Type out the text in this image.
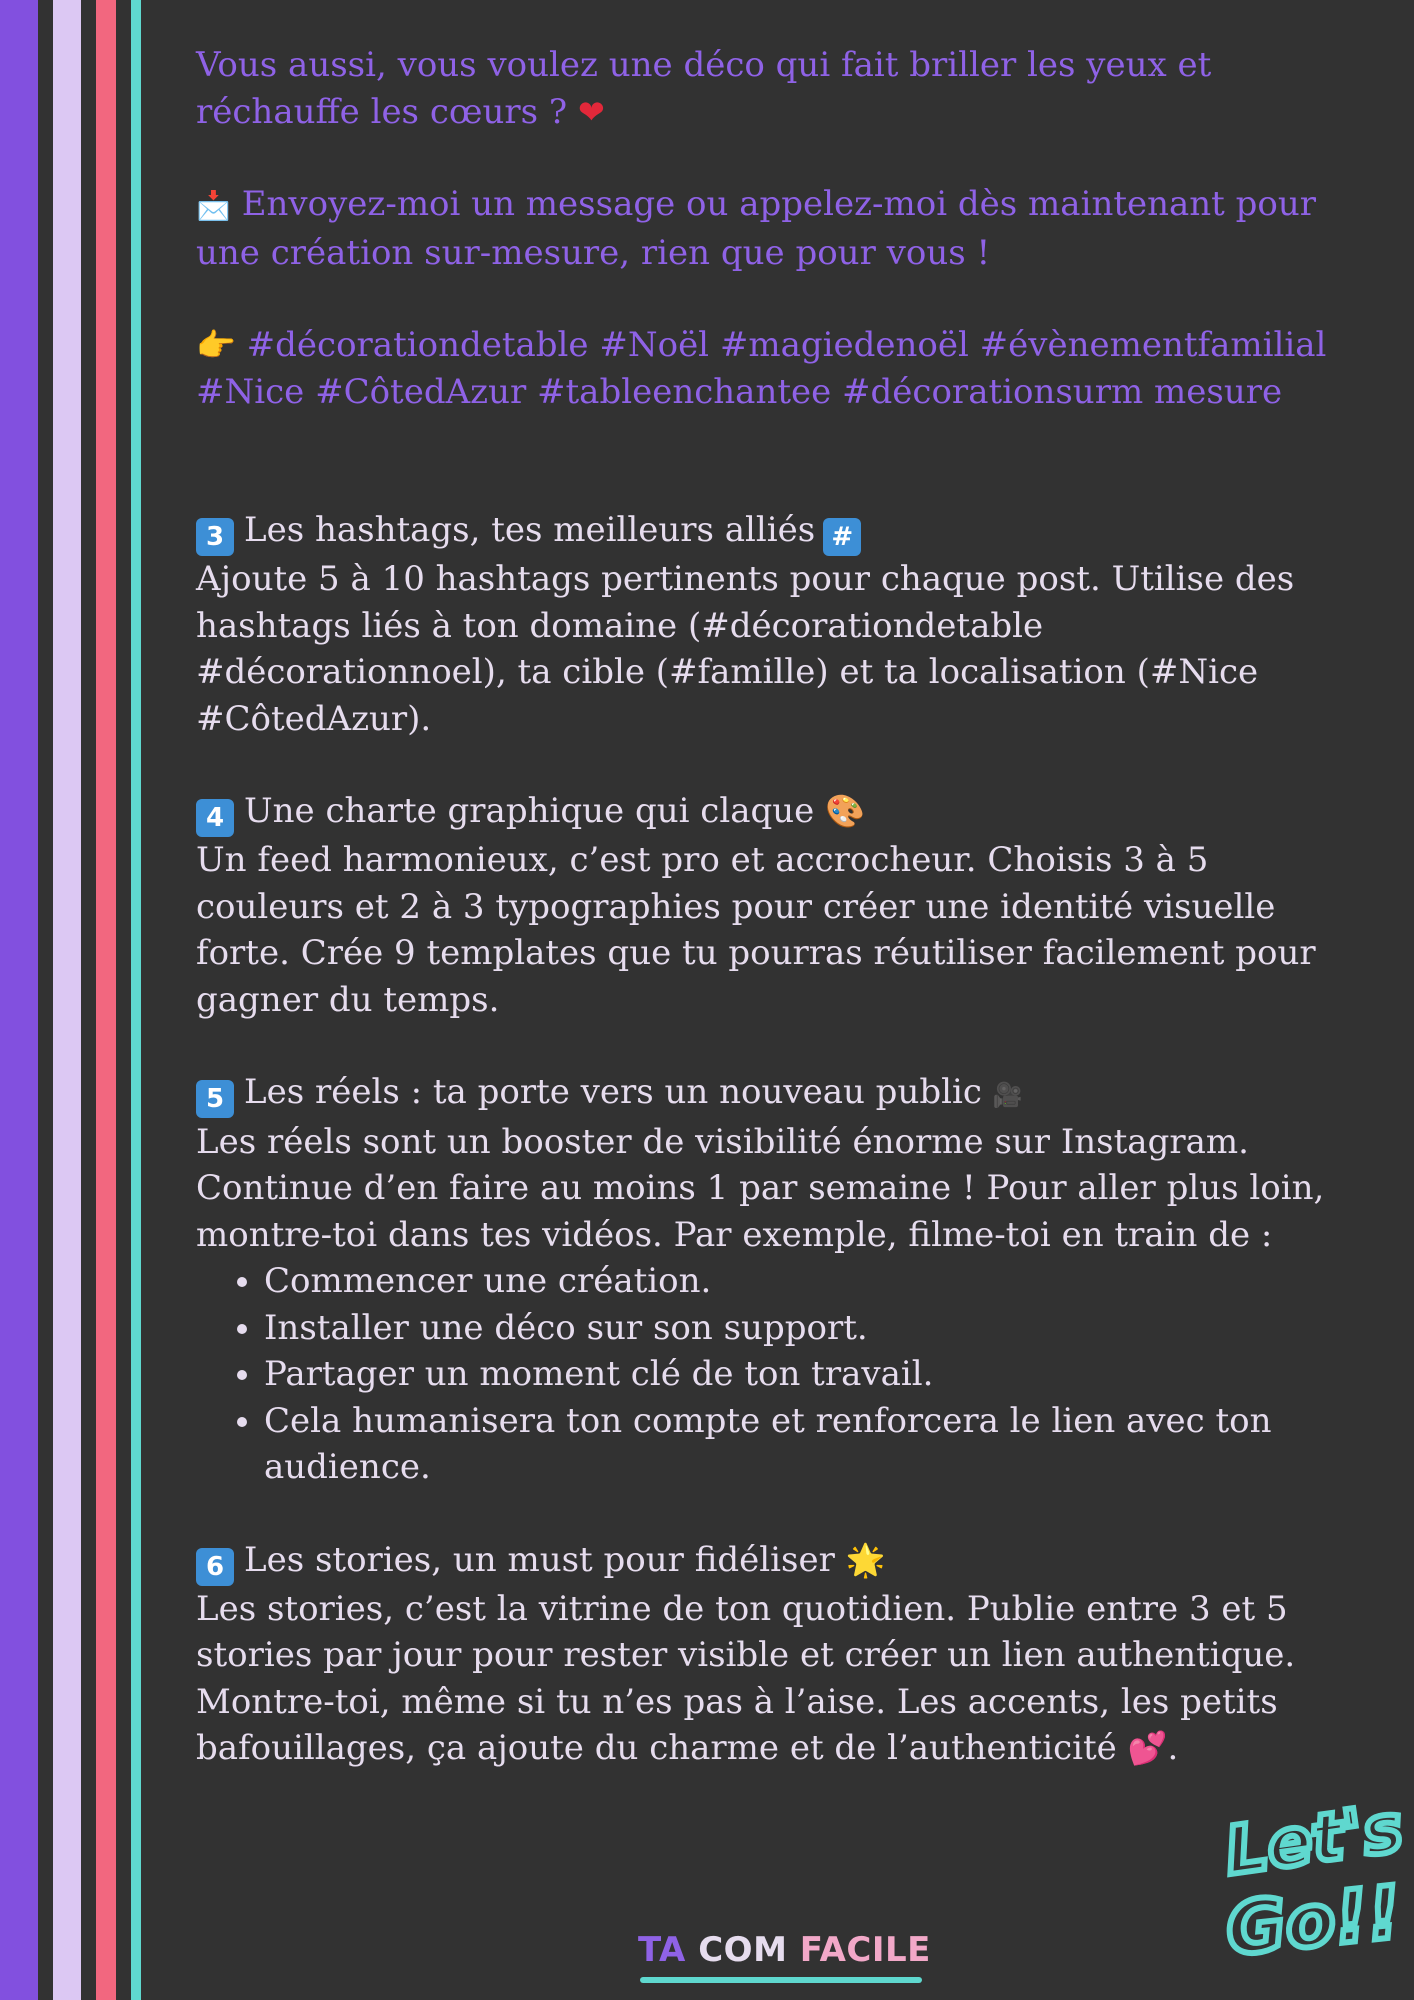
Vous aussi, vous voulez une déco qui fait briller les yeux et réchauffe les cœurs ? ❤

📩 Envoyez-moi un message ou appelez-moi dès maintenant pour une création sur-mesure, rien que pour vous !

👉 #décorationdetable #Noël #magiedenoël #évènementfamilial #Nice #CôtedAzur #tableenchantee #décorationsurm mesure

3 Les hashtags, tes meilleurs alliés #

Ajoute 5 à 10 hashtags pertinents pour chaque post. Utilise des hashtags liés à ton domaine (#décorationdetable #décorationnoel), ta cible (#famille) et ta localisation (#Nice #CôtedAzur).

4 Une charte graphique qui claque 🎨

Un feed harmonieux, c’est pro et accrocheur. Choisis 3 à 5 couleurs et 2 à 3 typographies pour créer une identité visuelle forte. Crée 9 templates que tu pourras réutiliser facilement pour gagner du temps.

5 Les réels : ta porte vers un nouveau public 🎥

Les réels sont un booster de visibilité énorme sur Instagram. Continue d’en faire au moins 1 par semaine ! Pour aller plus loin, montre-toi dans tes vidéos. Par exemple, filme-toi en train de :

• Commencer une création.
• Installer une déco sur son support.
• Partager un moment clé de ton travail.
• Cela humanisera ton compte et renforcera le lien avec ton audience.

6 Les stories, un must pour fidéliser 🌟

Les stories, c’est la vitrine de ton quotidien. Publie entre 3 et 5 stories par jour pour rester visible et créer un lien authentique. Montre-toi, même si tu n’es pas à l’aise. Les accents, les petits bafouillages, ça ajoute du charme et de l’authenticité 💕.

Let's
Go!!
TA COM FACILE
